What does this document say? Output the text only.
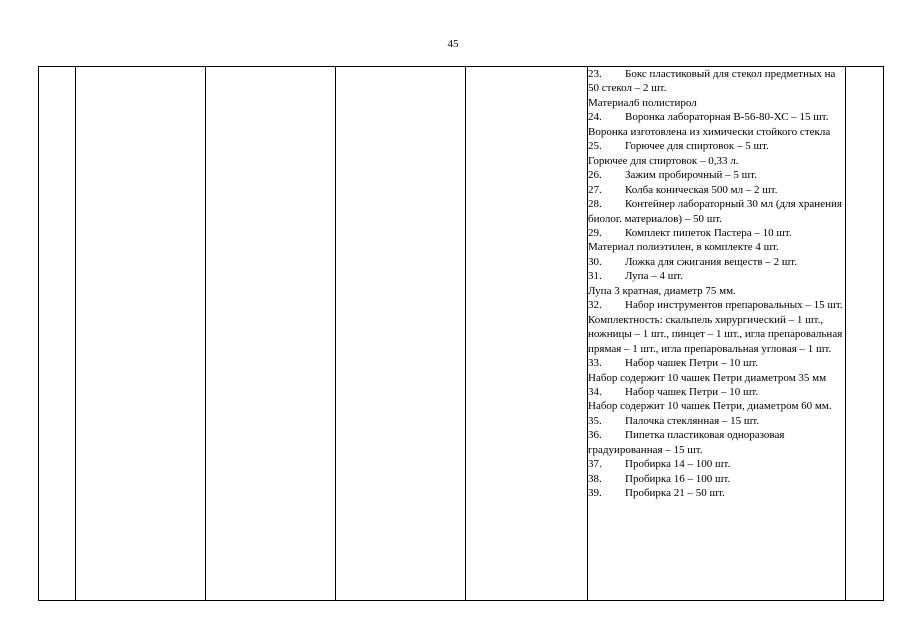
45

23. Бокс пластиковый для стекол предметных на 50 стекол – 2 шт.

Материал6 полистирол

24. Воронка лабораторная В-56-80-ХС – 15 шт.

Воронка изготовлена из химически стойкого стекла

25. Горючее для спиртовок – 5 шт.

Горючее для спиртовок – 0,33 л.

26. Зажим пробирочный – 5 шт.

27. Колба коническая 500 мл – 2 шт.

28. Контейнер лабораторный 30 мл (для хранения биолог. материалов) – 50 шт.

29. Комплект пипеток Пастера – 10 шт.

Материал полиэтилен, в комплекте 4 шт.

30. Ложка для сжигания веществ – 2 шт.

31. Лупа – 4 шт.

Лупа 3 кратная, диаметр 75 мм.

32. Набор инструментов препаровальных – 15 шт.

Комплектность: скальпель хирургический – 1 шт., ножницы – 1 шт., пинцет – 1 шт., игла препаровальная прямая – 1 шт., игла препаровальная угловая – 1 шт.

33. Набор чашек Петри – 10 шт.

Набор содержит 10 чашек Петри диаметром 35 мм

34. Набор чашек Петри – 10 шт.

Набор содержит 10 чашек Петри, диаметром 60 мм.

35. Палочка стеклянная – 15 шт.

36. Пипетка пластиковая одноразовая градуированная – 15 шт.

37. Пробирка 14 – 100 шт.

38. Пробирка 16 – 100 шт.

39. Пробирка 21 – 50 шт.
